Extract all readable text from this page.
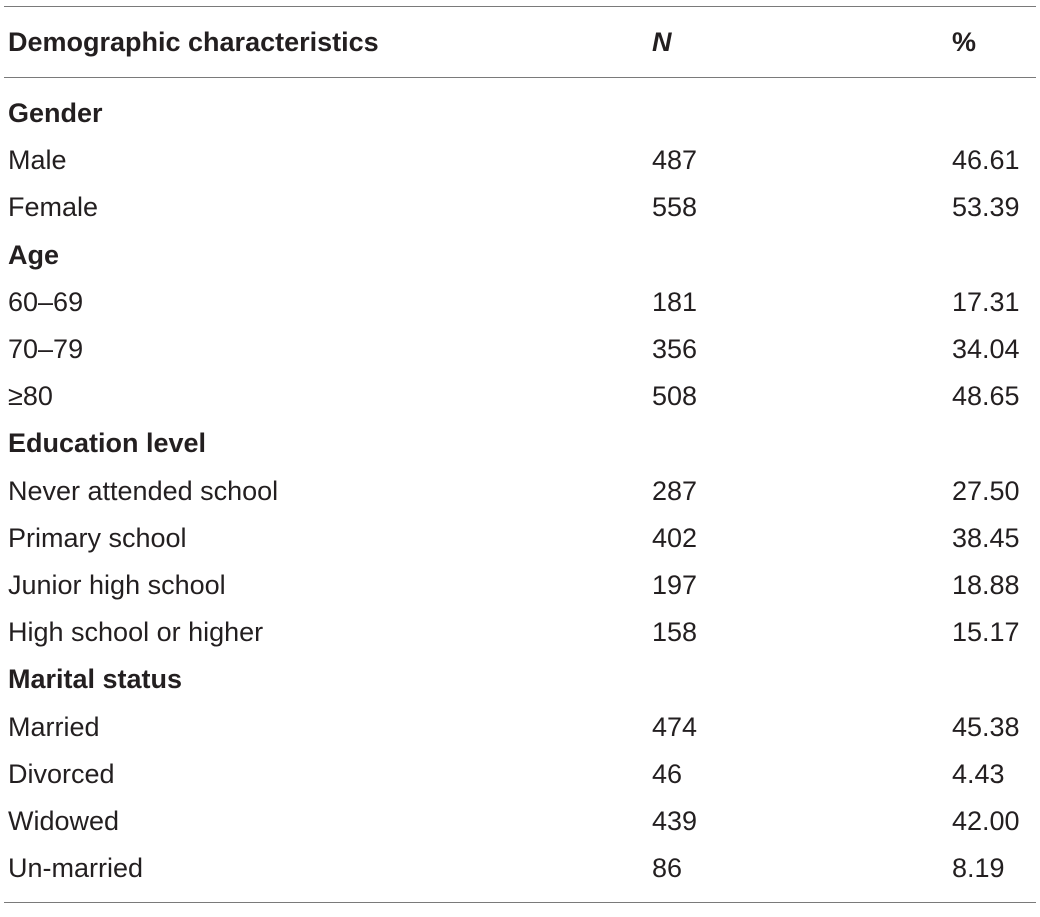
Demographic characteristics	N	%
Gender
Male	487	46.61
Female	558	53.39
Age
60–69	181	17.31
70–79	356	34.04
≥80	508	48.65
Education level
Never attended school	287	27.50
Primary school	402	38.45
Junior high school	197	18.88
High school or higher	158	15.17
Marital status
Married	474	45.38
Divorced	46	4.43
Widowed	439	42.00
Un-married	86	8.19
